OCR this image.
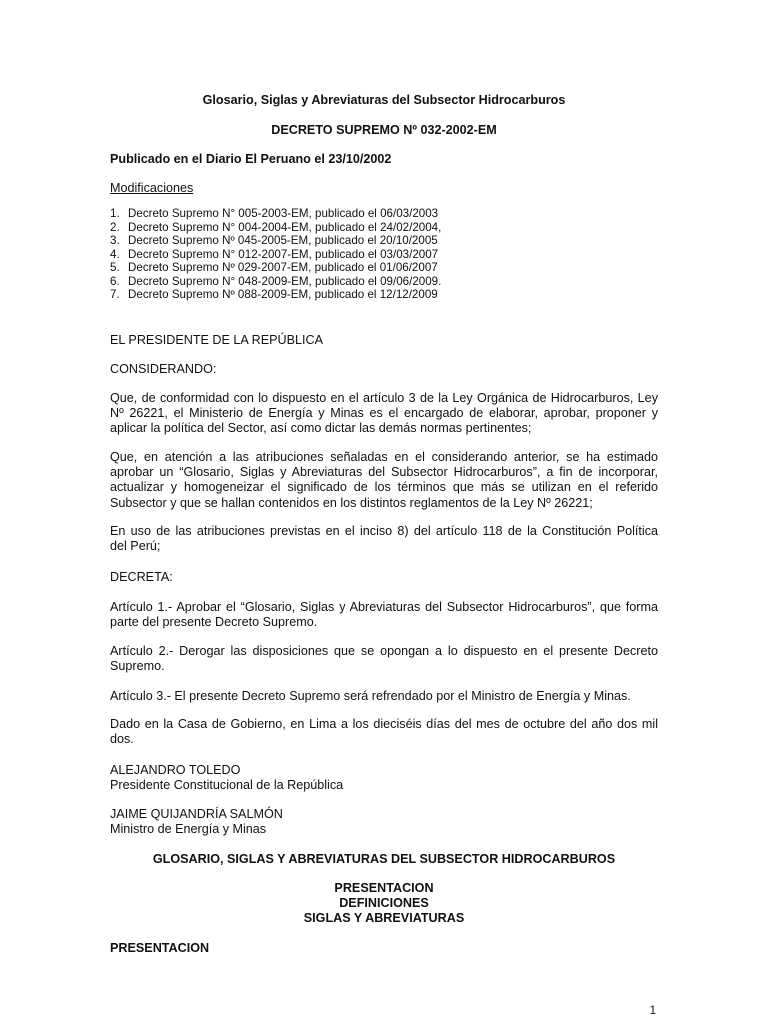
Glosario, Siglas y Abreviaturas del Subsector Hidrocarburos
DECRETO SUPREMO Nº 032-2002-EM
Publicado en el Diario El Peruano el 23/10/2002
Modificaciones
1. Decreto Supremo N° 005-2003-EM, publicado el 06/03/2003
2. Decreto Supremo N° 004-2004-EM, publicado el 24/02/2004,
3. Decreto Supremo Nº 045-2005-EM, publicado el 20/10/2005
4. Decreto Supremo N° 012-2007-EM, publicado el 03/03/2007
5. Decreto Supremo Nº 029-2007-EM, publicado el 01/06/2007
6. Decreto Supremo N° 048-2009-EM, publicado el 09/06/2009.
7. Decreto Supremo Nº 088-2009-EM, publicado el 12/12/2009
EL PRESIDENTE DE LA REPÚBLICA
CONSIDERANDO:
Que, de conformidad con lo dispuesto en el artículo 3 de la Ley Orgánica de Hidrocarburos, Ley
Nº 26221, el Ministerio de Energía y Minas es el encargado de elaborar, aprobar, proponer y
aplicar la política del Sector, así como dictar las demás normas pertinentes;
Que, en atención a las atribuciones señaladas en el considerando anterior, se ha estimado
aprobar un “Glosario, Siglas y Abreviaturas del Subsector Hidrocarburos”, a fin de incorporar,
actualizar y homogeneizar el significado de los términos que más se utilizan en el referido
Subsector y que se hallan contenidos en los distintos reglamentos de la Ley Nº 26221;
En uso de las atribuciones previstas en el inciso 8) del artículo 118 de la Constitución Política
del Perú;
DECRETA:
Artículo 1.- Aprobar el “Glosario, Siglas y Abreviaturas del Subsector Hidrocarburos”, que forma
parte del presente Decreto Supremo.
Artículo 2.- Derogar las disposiciones que se opongan a lo dispuesto en el presente Decreto
Supremo.
Artículo 3.- El presente Decreto Supremo será refrendado por el Ministro de Energía y Minas.
Dado en la Casa de Gobierno, en Lima a los dieciséis días del mes de octubre del año dos mil
dos.
ALEJANDRO TOLEDO
Presidente Constitucional de la República
JAIME QUIJANDRÍA SALMÓN
Ministro de Energía y Minas
GLOSARIO, SIGLAS Y ABREVIATURAS DEL SUBSECTOR HIDROCARBUROS
PRESENTACION
DEFINICIONES
SIGLAS Y ABREVIATURAS
PRESENTACION
1
